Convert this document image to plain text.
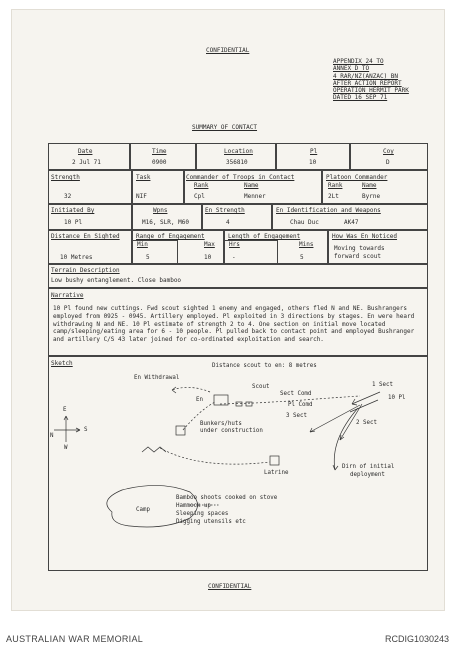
CONFIDENTIAL
APPENDIX 24 TO
ANNEX D TO
4 RAR/NZ(ANZAC) BN
AFTER ACTION REPORT
OPERATION HERMIT PARK
DATED 16 SEP 71
SUMMARY OF CONTACT
Date
2 Jul 71
Time
0900
Location
356810
Pl
10
Coy
D
Strength
32
Task
NIF
Commander of Troops in Contact
Rank	Name
Cpl	Menner
Platoon Commander
Rank	Name
2Lt	Byrne
Initiated By
10 Pl
Wpns
M16, SLR, M60
En Strength
4
En Identification and Weapons
Chau Duc	AK47
Distance En Sighted
10 Metres
Range of Engagement
Min	Max
5	10
Length of Engagement
Hrs	Mins
-	5
How Was En Noticed
Moving towards
forward scout
Terrain Description
Low bushy entanglement. Close bamboo
Narrative
10 Pl found new cuttings. Fwd scout sighted 1 enemy and engaged, others fled N and NE. Bushrangers employed from 0925 - 0945. Artillery employed. Pl exploited in 3 directions by stages. En were heard withdrawing N and NE. 10 Pl estimate of strength 2 to 4. One section on initial move located camp/sleeping/eating area for 6 - 10 people. Pl pulled back to contact point and employed Bushranger and artillery C/S 43 later joined for co-ordinated exploitation and search.
Sketch	Distance scout to en: 8 metres
En Withdrawal
Scout
Sect Comd
En
Pl Comd
1 Sect
10 Pl
3 Sect
2 Sect
Bunkers/huts
under construction
Dirn of initial
deployment
Latrine
Camp
Bamboo shoots cooked on stove
Hammock up
Sleeping spaces
Digging utensils etc
E
N
S
W
CONFIDENTIAL
AUSTRALIAN WAR MEMORIAL	RCDIG1030243
